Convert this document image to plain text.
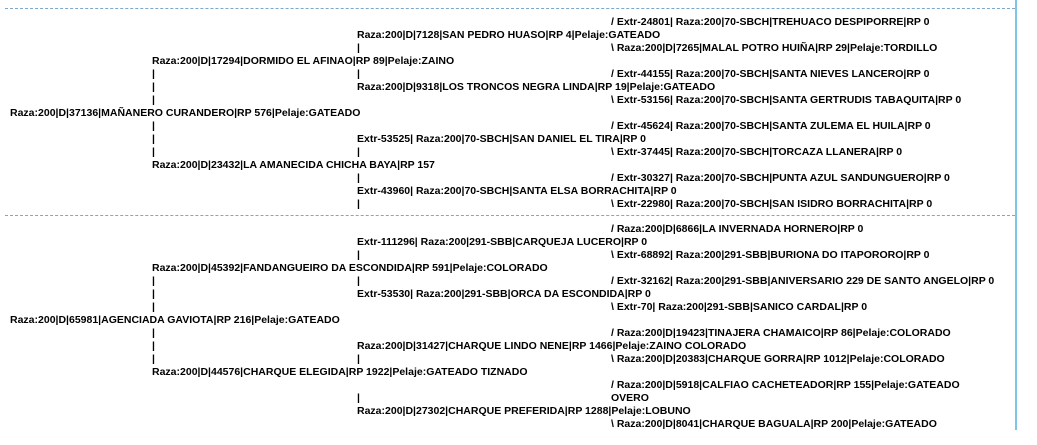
/ Extr-24801| Raza:200|70-SBCH|TREHUACO DESPIPORRE|RP 0
Raza:200|D|7128|SAN PEDRO HUASO|RP 4|Pelaje:GATEADO
|	\ Raza:200|D|7265|MALAL POTRO HUIÑA|RP 29|Pelaje:TORDILLO
Raza:200|D|17294|DORMIDO EL AFINAO|RP 89|Pelaje:ZAINO
|	|	/ Extr-44155| Raza:200|70-SBCH|SANTA NIEVES LANCERO|RP 0
|	Raza:200|D|9318|LOS TRONCOS NEGRA LINDA|RP 19|Pelaje:GATEADO
|	\ Extr-53156| Raza:200|70-SBCH|SANTA GERTRUDIS TABAQUITA|RP 0
Raza:200|D|37136|MAÑANERO CURANDERO|RP 576|Pelaje:GATEADO
|	/ Extr-45624| Raza:200|70-SBCH|SANTA ZULEMA EL HUILA|RP 0
|	Extr-53525| Raza:200|70-SBCH|SAN DANIEL EL TIRA|RP 0
|	|	\ Extr-37445| Raza:200|70-SBCH|TORCAZA LLANERA|RP 0
Raza:200|D|23432|LA AMANECIDA CHICHA BAYA|RP 157
|	/ Extr-30327| Raza:200|70-SBCH|PUNTA AZUL SANDUNGUERO|RP 0
Extr-43960| Raza:200|70-SBCH|SANTA ELSA BORRACHITA|RP 0
|	\ Extr-22980| Raza:200|70-SBCH|SAN ISIDRO BORRACHITA|RP 0
/ Raza:200|D|6866|LA INVERNADA HORNERO|RP 0
Extr-111296| Raza:200|291-SBB|CARQUEJA LUCERO|RP 0
|	\ Extr-68892| Raza:200|291-SBB|BURIONA DO ITAPORORO|RP 0
Raza:200|D|45392|FANDANGUEIRO DA ESCONDIDA|RP 591|Pelaje:COLORADO
|	|	/ Extr-32162| Raza:200|291-SBB|ANIVERSARIO 229 DE SANTO ANGELO|RP 0
|	Extr-53530| Raza:200|291-SBB|ORCA DA ESCONDIDA|RP 0
|	\ Extr-70| Raza:200|291-SBB|SANICO CARDAL|RP 0
Raza:200|D|65981|AGENCIADA GAVIOTA|RP 216|Pelaje:GATEADO
|	/ Raza:200|D|19423|TINAJERA CHAMAICO|RP 86|Pelaje:COLORADO
|	Raza:200|D|31427|CHARQUE LINDO NENE|RP 1466|Pelaje:ZAINO COLORADO
|	|	\ Raza:200|D|20383|CHARQUE GORRA|RP 1012|Pelaje:COLORADO
Raza:200|D|44576|CHARQUE ELEGIDA|RP 1922|Pelaje:GATEADO TIZNADO
/ Raza:200|D|5918|CALFIAO CACHETEADOR|RP 155|Pelaje:GATEADO
OVERO
|
Raza:200|D|27302|CHARQUE PREFERIDA|RP 1288|Pelaje:LOBUNO
\ Raza:200|D|8041|CHARQUE BAGUALA|RP 200|Pelaje:GATEADO
